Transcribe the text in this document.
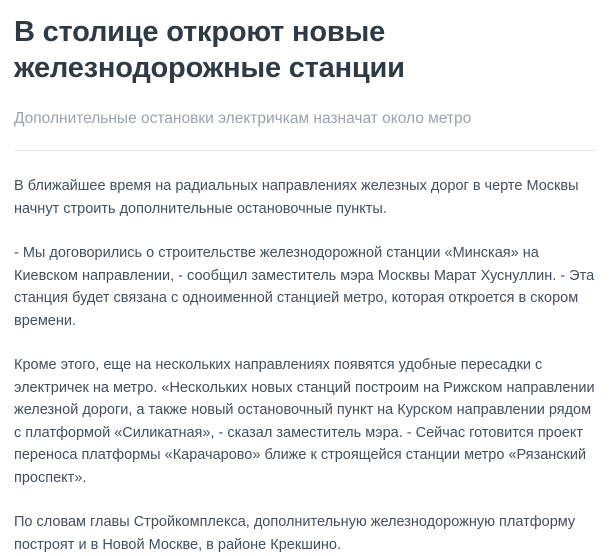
В столице откроют новые железнодорожные станции

Дополнительные остановки электричкам назначат около метро

В ближайшее время на радиальных направлениях железных дорог в черте Москвы начнут строить дополнительные остановочные пункты.

- Мы договорились о строительстве железнодорожной станции «Минская» на Киевском направлении, - сообщил заместитель мэра Москвы Марат Хуснуллин. - Эта станция будет связана с одноименной станцией метро, которая откроется в скором времени.

Кроме этого, еще на нескольких направлениях появятся удобные пересадки с электричек на метро. «Нескольких новых станций построим на Рижском направлении железной дороги, а также новый остановочный пункт на Курском направлении рядом с платформой «Силикатная», - сказал заместитель мэра. - Сейчас готовится проект переноса платформы «Карачарово» ближе к строящейся станции метро «Рязанский проспект».

По словам главы Стройкомплекса, дополнительную железнодорожную платформу построят и в Новой Москве, в районе Крекшино.
